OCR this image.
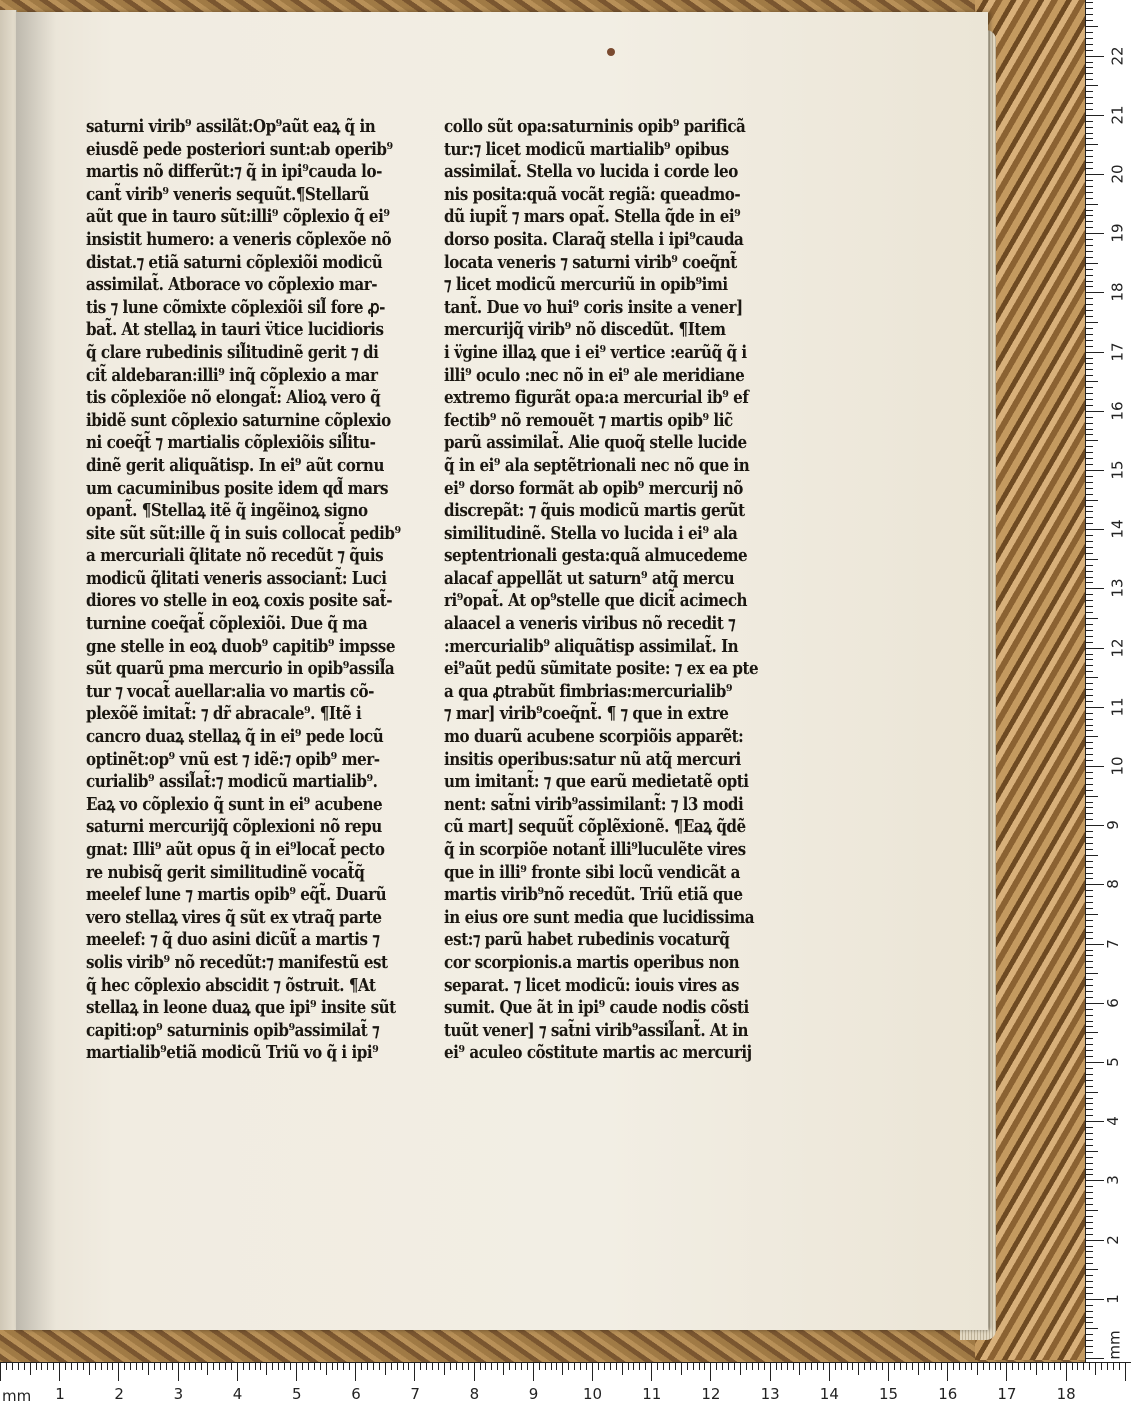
saturni virib⁹ assilãt:Op⁹aũt eaꝝ q̃ in
eiusdẽ pede posteriori sunt:ab operib⁹
martis nõ differũt:⁊ q̃ in ipi⁹cauda lo-
cant̃ virib⁹ veneris sequũt.¶Stellarũ
aũt que in tauro sũt:illi⁹ cõplexio q̃ ei⁹
insistit humero: a veneris cõplexõe nõ
distat.⁊ etiã saturni cõplexiõi modicũ
assimilat̃. Atborace vo cõplexio mar-
tis ⁊ lune cõmixte cõplexiõi sil̃ fore ꝓ-
bat̃. At stellaꝝ in tauri v̈tice lucidioris
q̃ clare rubedinis sil̃itudinẽ gerit ⁊ di
cit̃ aldebaran:illi⁹ inq̃ cõplexio a mar
tis cõplexiõe nõ elongat̃: Alioꝝ vero q̃
ibidẽ sunt cõplexio saturnine cõplexio
ni coeq̃t̃ ⁊ martialis cõplexiõis sil̃itu-
dinẽ gerit aliquãtisp. In ei⁹ aũt cornu
um cacuminibus posite idem qd̃ mars
opant̃. ¶Stellaꝝ itẽ q̃ ingẽinoꝝ signo
site sũt sũt:ille q̃ in suis collocat̃ pedib⁹
a mercuriali q̃litate nõ recedũt ⁊ q̃uis
modicũ q̃litati veneris associant̃: Luci
diores vo stelle in eoꝝ coxis posite sat̃-
turnine coeq̃at̃ cõplexiõi. Due q̃ ma
gne stelle in eoꝝ duob⁹ capitib⁹ impsse
sũt quarũ pma mercurio in opib⁹assil̃a
tur ⁊ vocat̃ auellar:alia vo martis cõ-
plexõẽ imitat̃: ⁊ dr̃ abracale⁹. ¶Itẽ i
cancro duaꝝ stellaꝝ q̃ in ei⁹ pede locũ
optinẽt:op⁹ vnũ est ⁊ idẽ:⁊ opib⁹ mer-
curialib⁹ assil̃at̃:⁊ modicũ martialib⁹.
Eaꝝ vo cõplexio q̃ sunt in ei⁹ acubene
saturni mercurijq̃ cõplexioni nõ repu
gnat: Illi⁹ aũt opus q̃ in ei⁹locat̃ pecto
re nubisq̃ gerit similitudinẽ vocat̃q̃
meelef lune ⁊ martis opib⁹ eq̃t̃. Duarũ
vero stellaꝝ vires q̃ sũt ex vtraq̃ parte
meelef: ⁊ q̃ duo asini dicũt̃ a martis ⁊
solis virib⁹ nõ recedũt:⁊ manifestũ est
q̃ hec cõplexio abscidit ⁊ õstruit. ¶At
stellaꝝ in leone duaꝝ que ipi⁹ insite sũt
capiti:op⁹ saturninis opib⁹assimilat̃ ⁊
martialib⁹etiã modicũ Triũ vo q̃ i ipi⁹
collo sũt opa:saturninis opib⁹ parificã
tur:⁊ licet modicũ martialib⁹ opibus
assimilat̃. Stella vo lucida i corde leo
nis posita:quã vocãt regiã: queadmo-
dũ iupit̃ ⁊ mars opat̃. Stella q̃de in ei⁹
dorso posita. Claraq̃ stella i ipi⁹cauda
locata veneris ⁊ saturni virib⁹ coeq̃nt̃
⁊ licet modicũ mercuriũ in opib⁹imi
tant̃. Due vo hui⁹ coris insite a vener]
mercurijq̃ virib⁹ nõ discedũt. ¶Item
i v̈gine illaꝝ que i ei⁹ vertice :earũq̃ q̃ i
illi⁹ oculo :nec nõ in ei⁹ ale meridiane
extremo figurãt opa:a mercurial ib⁹ ef
fectib⁹ nõ remouẽt ⁊ martis opib⁹ lic̃
parũ assimilat̃. Alie quoq̃ stelle lucide
q̃ in ei⁹ ala septẽtrionali nec nõ que in
ei⁹ dorso formãt ab opib⁹ mercurij nõ
discrepãt: ⁊ q̃uis modicũ martis gerũt
similitudinẽ. Stella vo lucida i ei⁹ ala
septentrionali gesta:quã almucedeme
alacaf appellãt ut saturn⁹ atq̃ mercu
ri⁹opat̃. At op⁹stelle que dicit̃ acimech
alaacel a veneris viribus nõ recedit ⁊
:mercurialib⁹ aliquãtisp assimilat̃. In
ei⁹aũt pedũ sũmitate posite: ⁊ ex ea pte
a qua ꝓtrabũt fimbrias:mercurialib⁹
⁊ mar] virib⁹coeq̃nt̃. ¶ ⁊ que in extre
mo duarũ acubene scorpiõis apparẽt:
insitis operibus:satur nũ atq̃ mercuri
um imitant̃: ⁊ que earũ medietatẽ opti
nent: sat̃ni virib⁹assimilant̃: ⁊ l3 modi
cũ mart] sequũt̃ cõplẽxionẽ. ¶Eaꝝ q̃dẽ
q̃ in scorpiõe notant̃ illi⁹luculẽte vires
que in illi⁹ fronte sibi locũ vendicãt a
martis virib⁹nõ recedũt. Triũ etiã que
in eius ore sunt media que lucidissima
est:⁊ parũ habet rubedinis vocaturq̃
cor scorpionis.a martis operibus non
separat. ⁊ licet modicũ: iouis vires as
sumit. Que ãt in ipi⁹ caude nodis cõsti
tuũt vener] ⁊ sat̃ni virib⁹assil̃ant̃. At in
ei⁹ aculeo cõstitute martis ac mercurij
mm
1
2
3
4
5
6
7
8
9
10
11
12
13
14
15
16
17
18
19
20
21
22
mm 1	2	3	4	5	6	7	8	9	10	11	12	13	14	15	16	17	18
